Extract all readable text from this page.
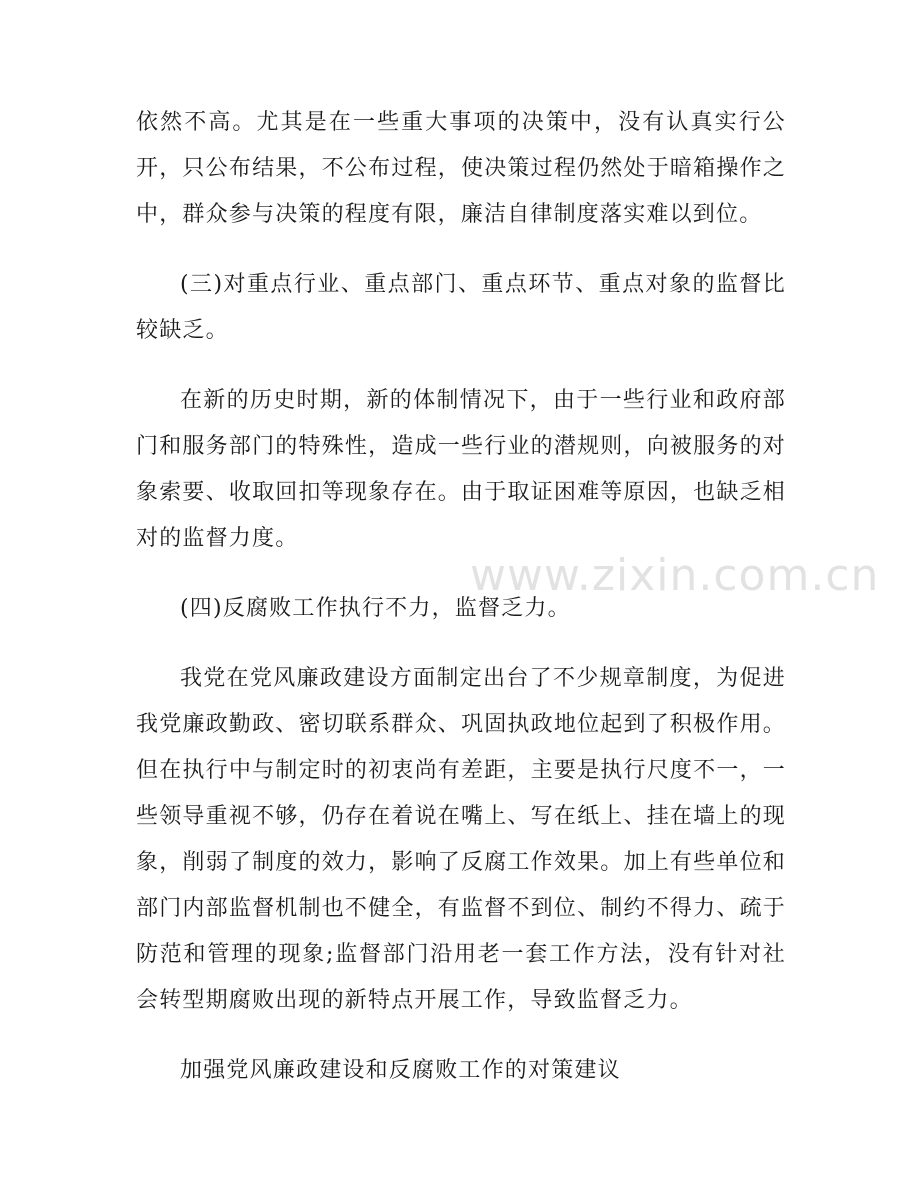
依然不高。尤其是在一些重大事项的决策中，没有认真实行公开，只公布结果，不公布过程，使决策过程仍然处于暗箱操作之中，群众参与决策的程度有限，廉洁自律制度落实难以到位。

(三)对重点行业、重点部门、重点环节、重点对象的监督比较缺乏。

在新的历史时期，新的体制情况下，由于一些行业和政府部门和服务部门的特殊性，造成一些行业的潜规则，向被服务的对象索要、收取回扣等现象存在。由于取证困难等原因，也缺乏相对的监督力度。

(四)反腐败工作执行不力，监督乏力。

我党在党风廉政建设方面制定出台了不少规章制度，为促进我党廉政勤政、密切联系群众、巩固执政地位起到了积极作用。但在执行中与制定时的初衷尚有差距，主要是执行尺度不一，一些领导重视不够，仍存在着说在嘴上、写在纸上、挂在墙上的现象，削弱了制度的效力，影响了反腐工作效果。加上有些单位和部门内部监督机制也不健全，有监督不到位、制约不得力、疏于防范和管理的现象;监督部门沿用老一套工作方法，没有针对社会转型期腐败出现的新特点开展工作，导致监督乏力。

加强党风廉政建设和反腐败工作的对策建议

www.zixin.com.cn
